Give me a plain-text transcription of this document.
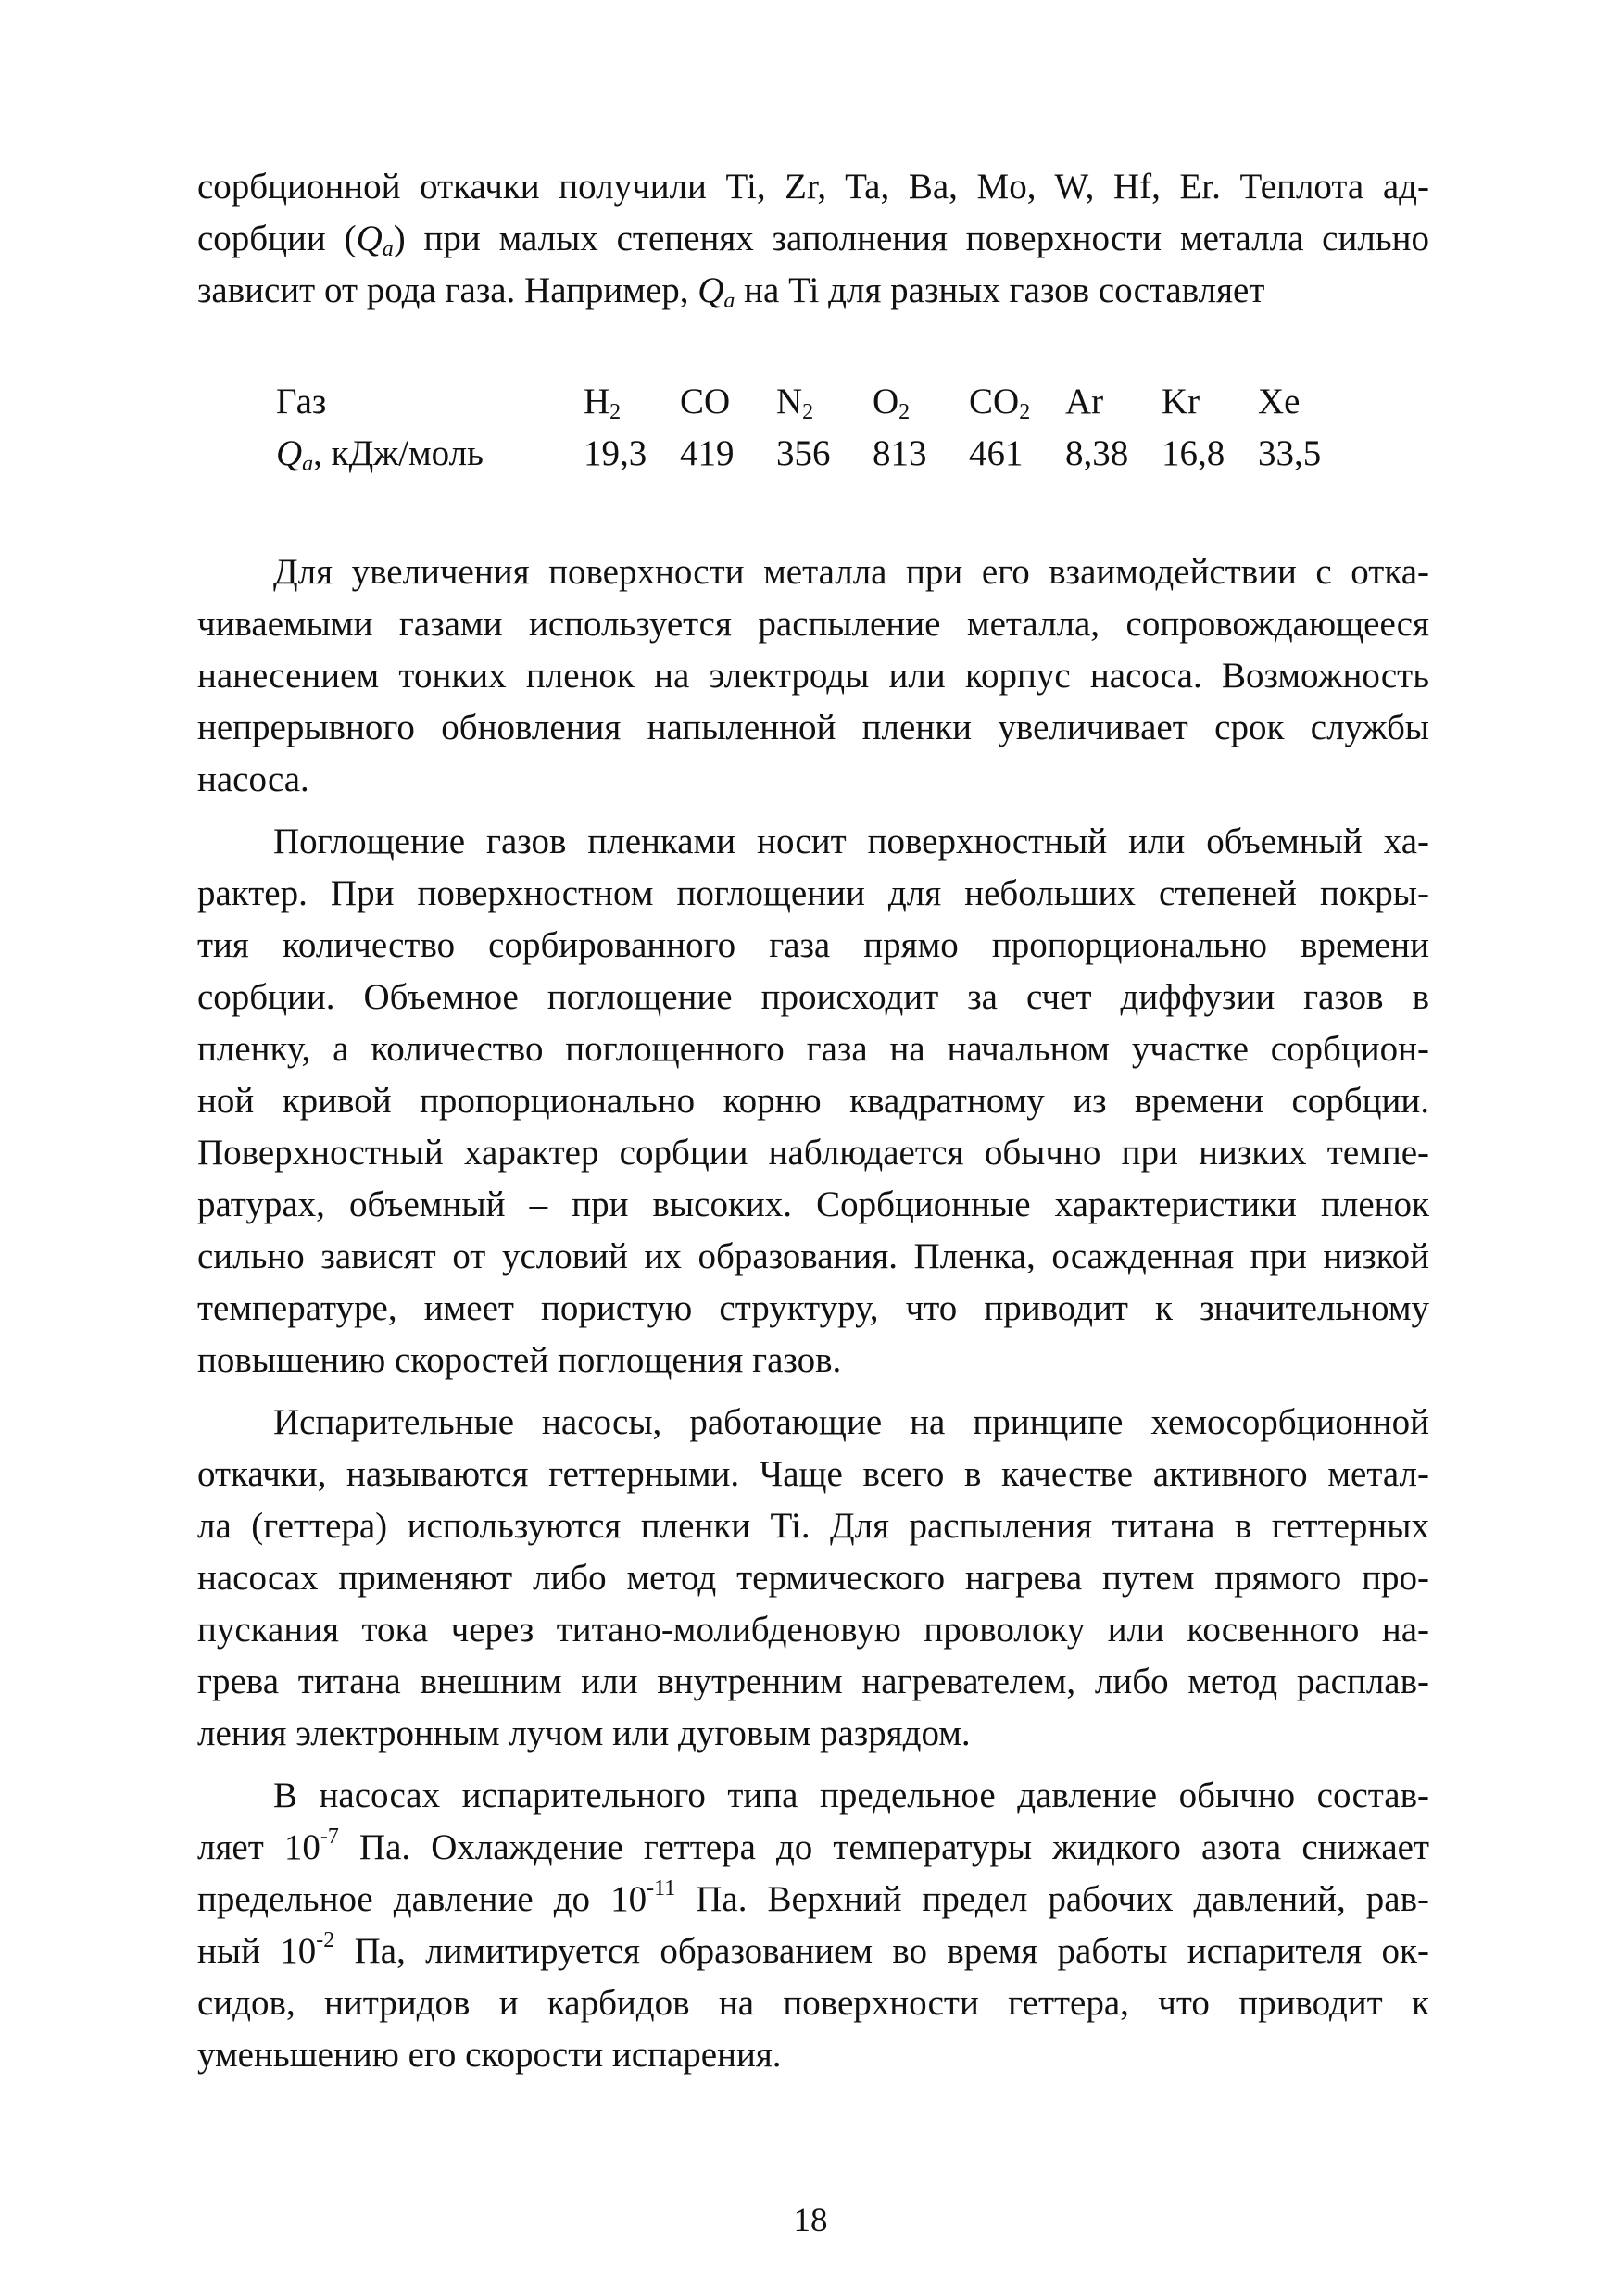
сорбционной откачки получили Ti, Zr, Ta, Ba, Mo, W, Hf, Er. Теплота ад-
сорбции $(Q_a)$ при малых степенях заполнения поверхности металла сильно
зависит от рода газа. Например, $Q_a$ на Ti для разных газов составляет
Газ	$H_2$	CO	$N_2$	$O_2$	$CO_2$	Ar	Kr	Xe
$Q_a$, кДж/моль	19,3	419	356	813	461	8,38	16,8	33,5
Для увеличения поверхности металла при его взаимодействии с отка-
чиваемыми газами используется распыление металла, сопровождающееся
нанесением тонких пленок на электроды или корпус насоса. Возможность
непрерывного обновления напыленной пленки увеличивает срок службы
насоса.
Поглощение газов пленками носит поверхностный или объемный ха-
рактер. При поверхностном поглощении для небольших степеней покры-
тия количество сорбированного газа прямо пропорционально времени
сорбции. Объемное поглощение происходит за счет диффузии газов в
пленку, а количество поглощенного газа на начальном участке сорбцион-
ной кривой пропорционально корню квадратному из времени сорбции.
Поверхностный характер сорбции наблюдается обычно при низких темпе-
ратурах, объемный – при высоких. Сорбционные характеристики пленок
сильно зависят от условий их образования. Пленка, осажденная при низкой
температуре, имеет пористую структуру, что приводит к значительному
повышению скоростей поглощения газов.
Испарительные насосы, работающие на принципе хемосорбционной
откачки, называются геттерными. Чаще всего в качестве активного метал-
ла (геттера) используются пленки Ti. Для распыления титана в геттерных
насосах применяют либо метод термического нагрева путем прямого про-
пускания тока через титано-молибденовую проволоку или косвенного на-
грева титана внешним или внутренним нагревателем, либо метод расплав-
ления электронным лучом или дуговым разрядом.
В насосах испарительного типа предельное давление обычно состав-
ляет $10^{-7}$ Па. Охлаждение геттера до температуры жидкого азота снижает
предельное давление до $10^{-11}$ Па. Верхний предел рабочих давлений, рав-
ный $10^{-2}$ Па, лимитируется образованием во время работы испарителя ок-
сидов, нитридов и карбидов на поверхности геттера, что приводит к
уменьшению его скорости испарения.
18
